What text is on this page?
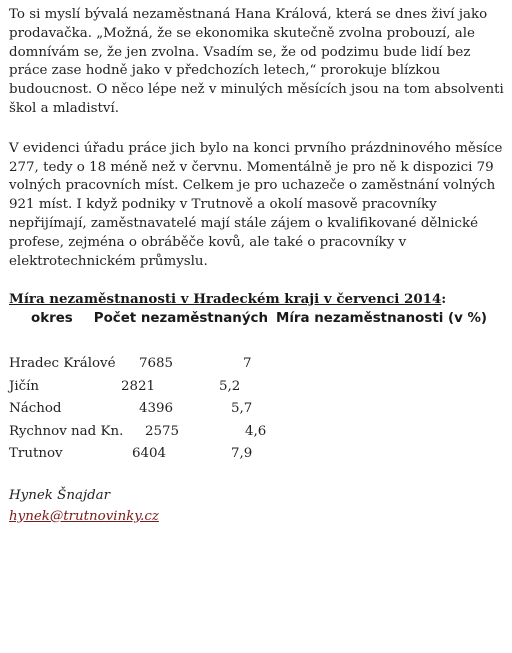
To si myslí bývalá nezaměstnaná Hana Králová, která se dnes živí jako prodavačka. „Možná, že se ekonomika skutečně zvolna probouzí, ale domnívám se, že jen zvolna. Vsadím se, že od podzimu bude lidí bez práce zase hodně jako v předchozích letech,“ prorokuje blízkou budoucnost. O něco lépe než v minulých měsících jsou na tom absolventi škol a mladiství.

V evidenci úřadu práce jich bylo na konci prvního prázdninového měsíce 277, tedy o 18 méně než v červnu. Momentálně je pro ně k dispozici 79 volných pracovních míst. Celkem je pro uchazeče o zaměstnání volných 921 míst. I když podniky v Trutnově a okolí masově pracovníky nepřijímají, zaměstnavatelé mají stále zájem o kvalifikované dělnické profese, zejména o obráběče kovů, ale také o pracovníky v elektrotechnickém průmyslu.

Míra nezaměstnanosti v Hradeckém kraji v červenci 2014:
okres Počet nezaměstnaných Míra nezaměstnanosti (v %)
Hradec Králové 7685	7
Jičín	2821	5,2
Náchod	4396	5,7
Rychnov nad Kn. 2575	4,6
Trutnov	6404	7,9
Hynek Šnajdar
hynek@trutnovinky.cz
